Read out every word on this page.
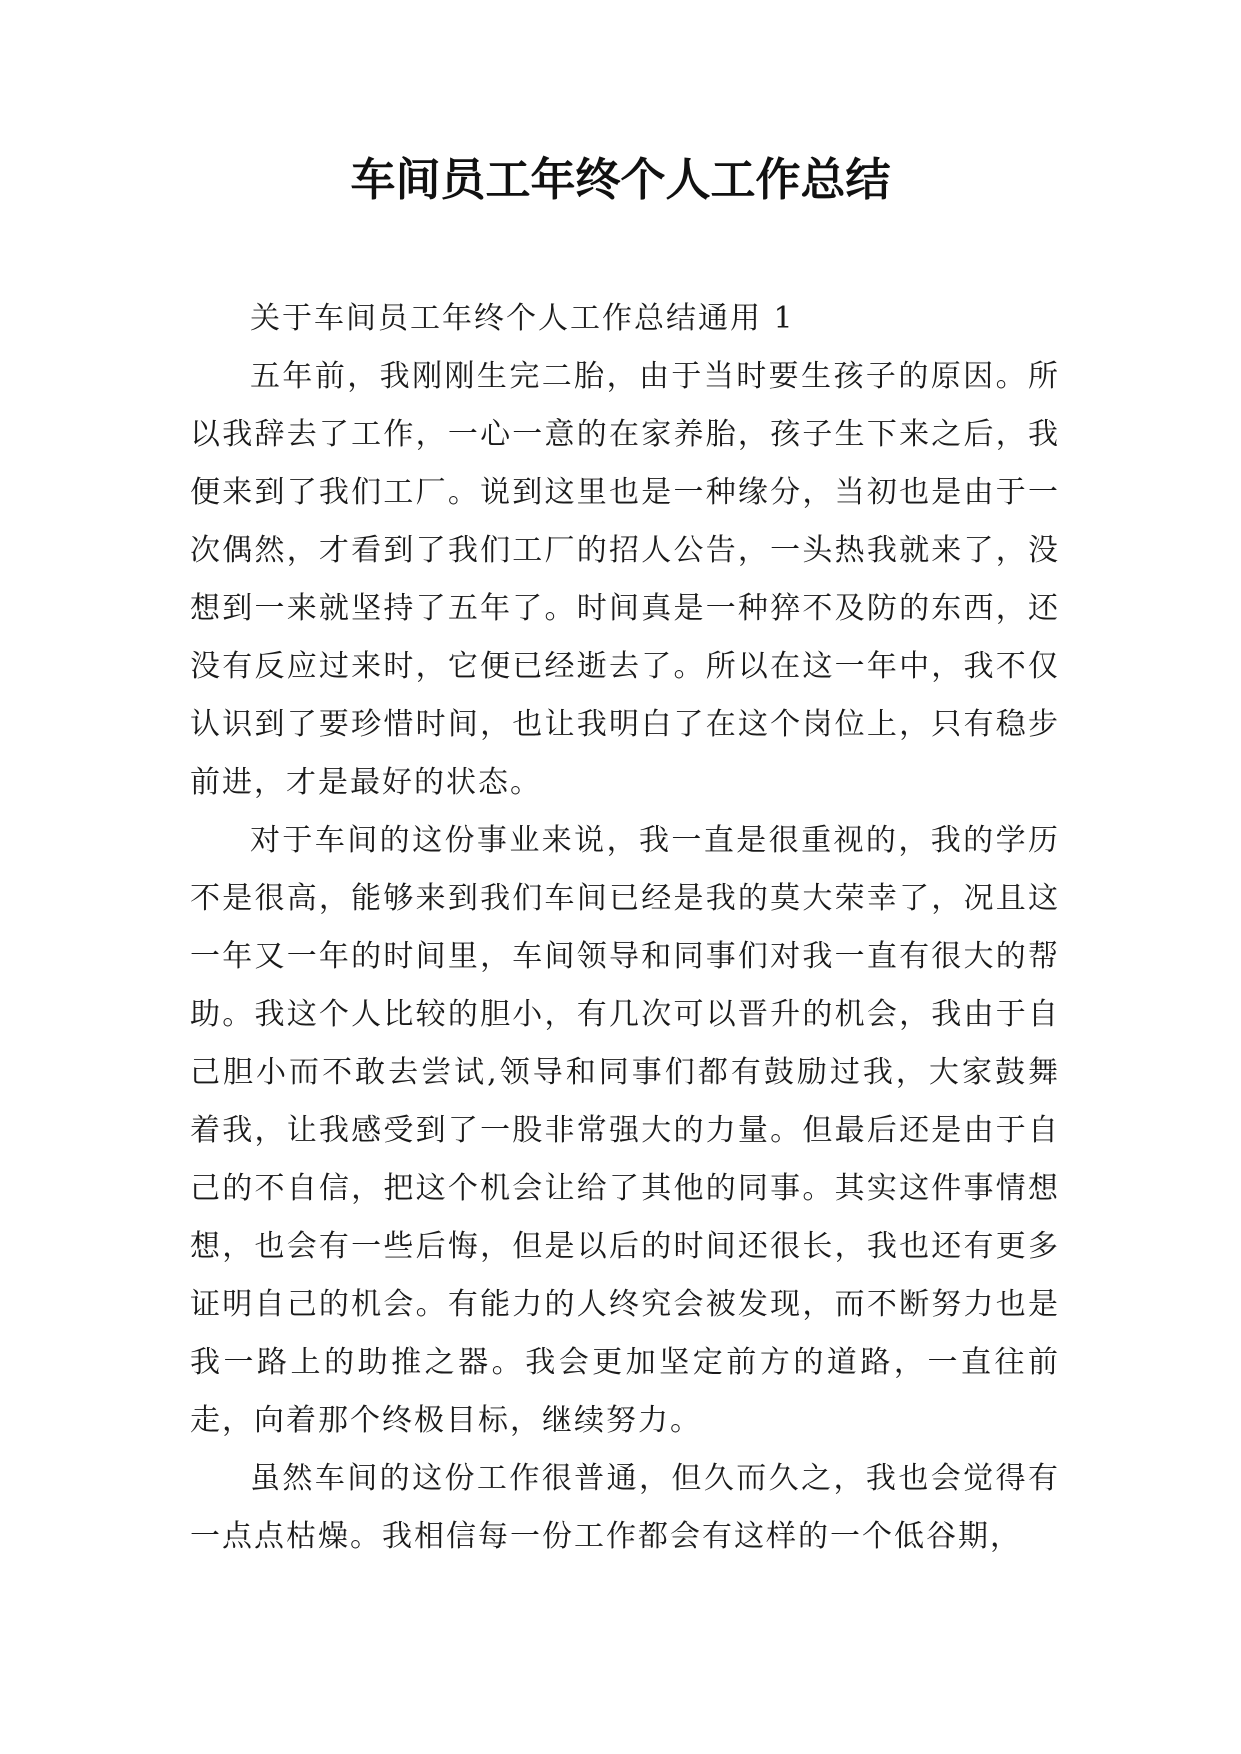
车间员工年终个人工作总结

关于车间员工年终个人工作总结通用 1

五年前，我刚刚生完二胎，由于当时要生孩子的原因。所以我辞去了工作，一心一意的在家养胎，孩子生下来之后，我便来到了我们工厂。说到这里也是一种缘分，当初也是由于一次偶然，才看到了我们工厂的招人公告，一头热我就来了，没想到一来就坚持了五年了。时间真是一种猝不及防的东西，还没有反应过来时，它便已经逝去了。所以在这一年中，我不仅认识到了要珍惜时间，也让我明白了在这个岗位上，只有稳步前进，才是最好的状态。

对于车间的这份事业来说，我一直是很重视的，我的学历不是很高，能够来到我们车间已经是我的莫大荣幸了，况且这一年又一年的时间里，车间领导和同事们对我一直有很大的帮助。我这个人比较的胆小，有几次可以晋升的机会，我由于自己胆小而不敢去尝试,领导和同事们都有鼓励过我，大家鼓舞着我，让我感受到了一股非常强大的力量。但最后还是由于自己的不自信，把这个机会让给了其他的同事。其实这件事情想想，也会有一些后悔，但是以后的时间还很长，我也还有更多证明自己的机会。有能力的人终究会被发现，而不断努力也是我一路上的助推之器。我会更加坚定前方的道路，一直往前走，向着那个终极目标，继续努力。

虽然车间的这份工作很普通，但久而久之，我也会觉得有一点点枯燥。我相信每一份工作都会有这样的一个低谷期，
